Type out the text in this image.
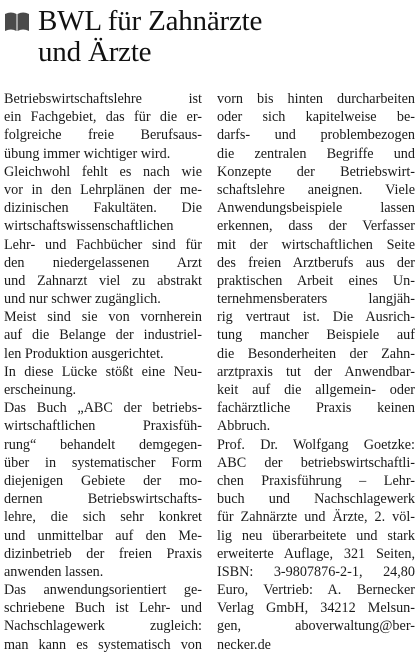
BWL für Zahnärzte
und Ärzte
Betriebswirtschaftslehre ist
ein Fachgebiet, das für die er-
folgreiche freie Berufsaus-
übung immer wichtiger wird.
Gleichwohl fehlt es nach wie
vor in den Lehrplänen der me-
dizinischen Fakultäten. Die
wirtschaftswissenschaftlichen
Lehr- und Fachbücher sind für
den niedergelassenen Arzt
und Zahnarzt viel zu abstrakt
und nur schwer zugänglich.
Meist sind sie von vornherein
auf die Belange der industriel-
len Produktion ausgerichtet.
In diese Lücke stößt eine Neu-
erscheinung.
Das Buch „ABC der betriebs-
wirtschaftlichen Praxisfüh-
rung“ behandelt demgegen-
über in systematischer Form
diejenigen Gebiete der mo-
dernen Betriebswirtschafts-
lehre, die sich sehr konkret
und unmittelbar auf den Me-
dizinbetrieb der freien Praxis
anwenden lassen.
Das anwendungsorientiert ge-
schriebene Buch ist Lehr- und
Nachschlagewerk zugleich:
man kann es systematisch von
vorn bis hinten durcharbeiten
oder sich kapitelweise be-
darfs- und problembezogen
die zentralen Begriffe und
Konzepte der Betriebswirt-
schaftslehre aneignen. Viele
Anwendungsbeispiele lassen
erkennen, dass der Verfasser
mit der wirtschaftlichen Seite
des freien Arztberufs aus der
praktischen Arbeit eines Un-
ternehmensberaters langjäh-
rig vertraut ist. Die Ausrich-
tung mancher Beispiele auf
die Besonderheiten der Zahn-
arztpraxis tut der Anwendbar-
keit auf die allgemein- oder
fachärztliche Praxis keinen
Abbruch.
Prof. Dr. Wolfgang Goetzke:
ABC der betriebswirtschaftli-
chen Praxisführung – Lehr-
buch und Nachschlagewerk
für Zahnärzte und Ärzte, 2. völ-
lig neu überarbeitete und stark
erweiterte Auflage, 321 Seiten,
ISBN: 3-9807876-2-1, 24,80
Euro, Vertrieb: A. Bernecker
Verlag GmbH, 34212 Melsun-
gen, aboverwaltung@ber-
necker.de
